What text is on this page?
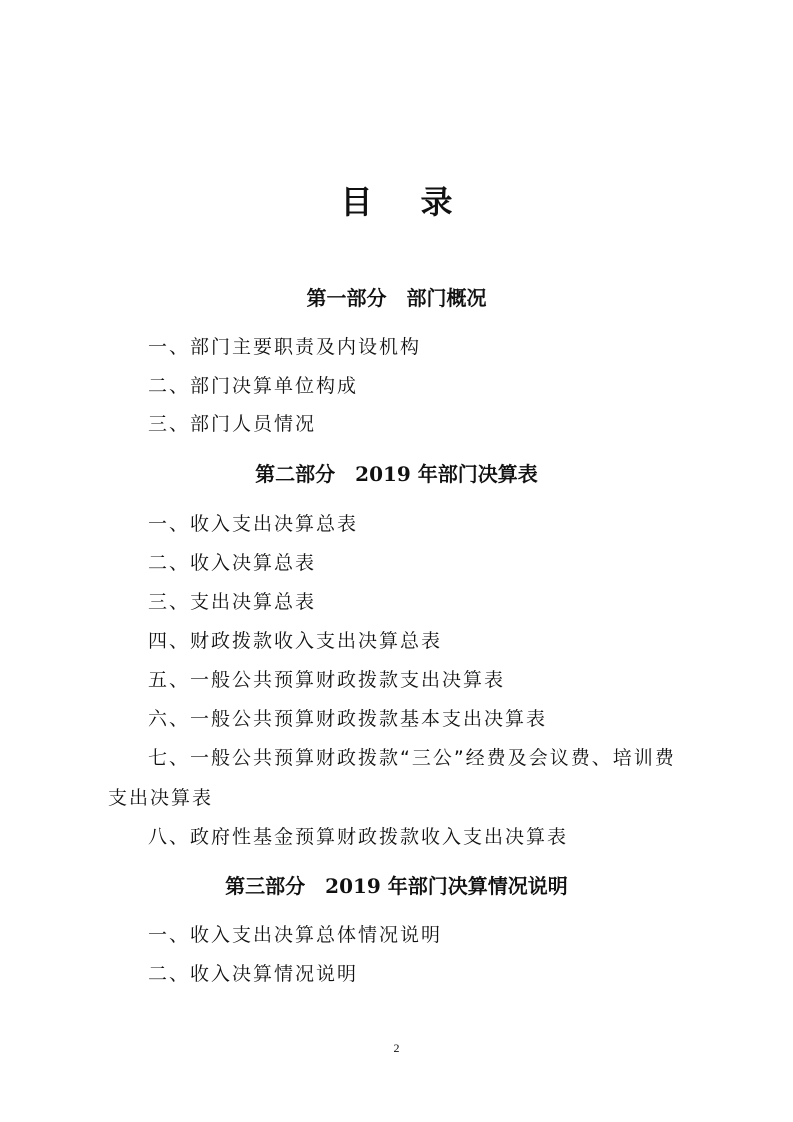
目录
第一部分　部门概况

一、部门主要职责及内设机构

二、部门决算单位构成

三、部门人员情况

第二部分　2019 年部门决算表

一、收入支出决算总表

二、收入决算总表

三、支出决算总表

四、财政拨款收入支出决算总表

五、一般公共预算财政拨款支出决算表

六、一般公共预算财政拨款基本支出决算表

七、一般公共预算财政拨款“三公”经费及会议费、培训费

支出决算表

八、政府性基金预算财政拨款收入支出决算表

第三部分　2019 年部门决算情况说明

一、收入支出决算总体情况说明

二、收入决算情况说明

2
